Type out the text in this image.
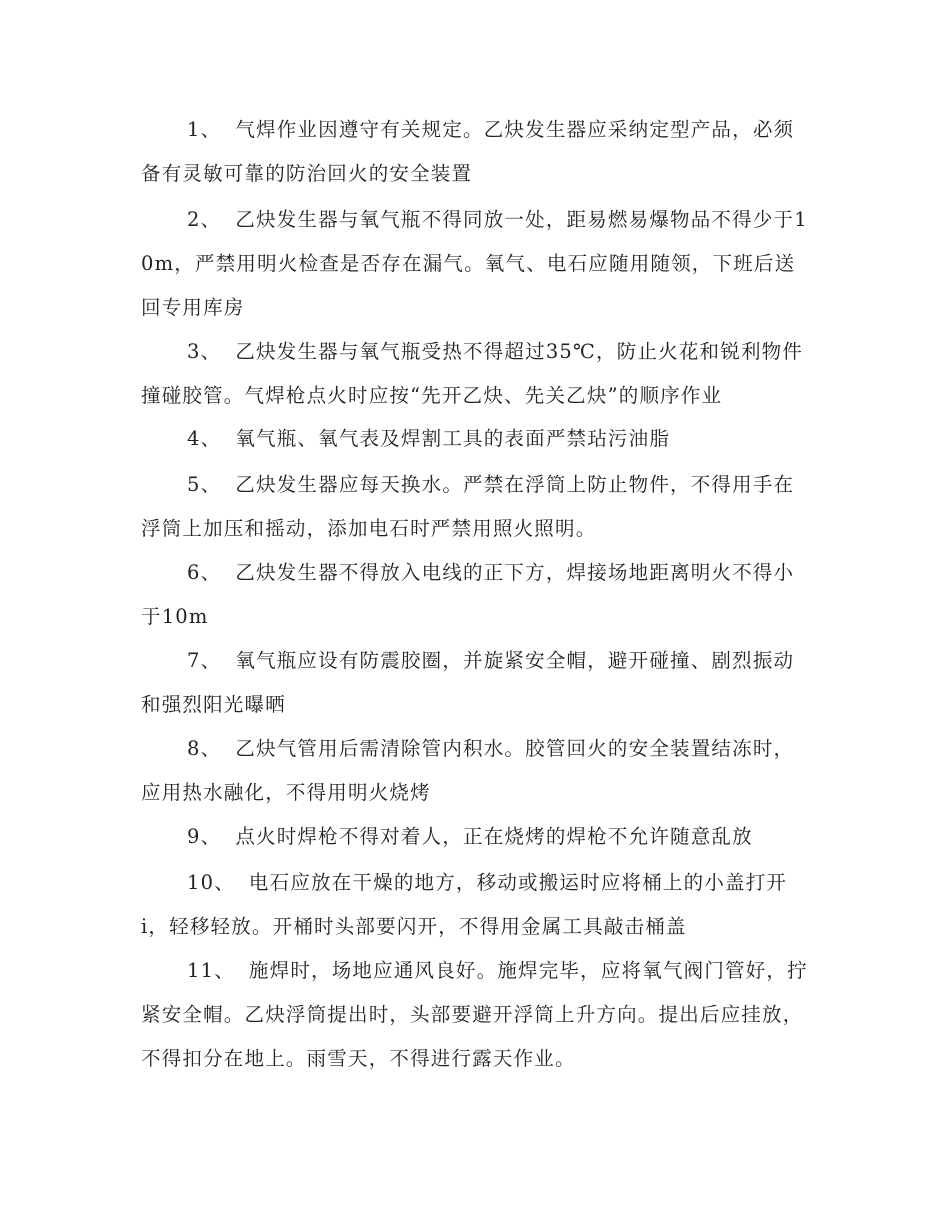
1、 气焊作业因遵守有关规定。乙炔发生器应采纳定型产品，必须备有灵敏可靠的防治回火的安全装置

2、 乙炔发生器与氧气瓶不得同放一处，距易燃易爆物品不得少于10m，严禁用明火检查是否存在漏气。氧气、电石应随用随领，下班后送回专用库房

3、 乙炔发生器与氧气瓶受热不得超过35℃，防止火花和锐利物件撞碰胶管。气焊枪点火时应按“先开乙炔、先关乙炔”的顺序作业

4、 氧气瓶、氧气表及焊割工具的表面严禁玷污油脂

5、 乙炔发生器应每天换水。严禁在浮筒上防止物件，不得用手在浮筒上加压和摇动，添加电石时严禁用照火照明。

6、 乙炔发生器不得放入电线的正下方，焊接场地距离明火不得小于10m

7、 氧气瓶应设有防震胶圈，并旋紧安全帽，避开碰撞、剧烈振动和强烈阳光曝晒

8、 乙炔气管用后需清除管内积水。胶管回火的安全装置结冻时，应用热水融化，不得用明火烧烤

9、 点火时焊枪不得对着人，正在烧烤的焊枪不允许随意乱放

10、 电石应放在干燥的地方，移动或搬运时应将桶上的小盖打开i，轻移轻放。开桶时头部要闪开，不得用金属工具敲击桶盖

11、 施焊时，场地应通风良好。施焊完毕，应将氧气阀门管好，拧紧安全帽。乙炔浮筒提出时，头部要避开浮筒上升方向。提出后应挂放，不得扣分在地上。雨雪天，不得进行露天作业。
